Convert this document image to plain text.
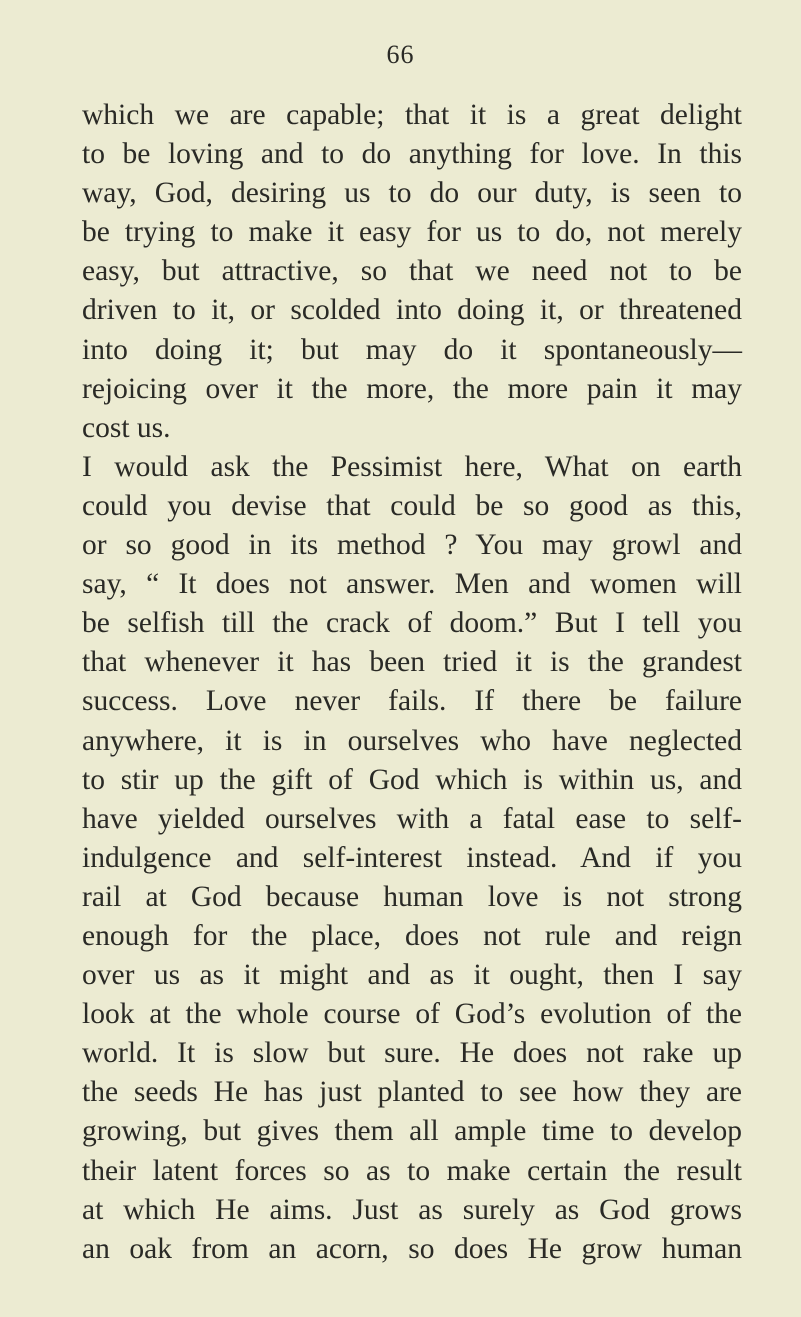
66
which we are capable; that it is a great delight
to be loving and to do anything for love. In this
way, God, desiring us to do our duty, is seen to
be trying to make it easy for us to do, not merely
easy, but attractive, so that we need not to be
driven to it, or scolded into doing it, or threatened
into doing it; but may do it spontaneously—
rejoicing over it the more, the more pain it may
cost us.
I would ask the Pessimist here, What on earth
could you devise that could be so good as this,
or so good in its method ? You may growl and
say, “ It does not answer. Men and women will
be selfish till the crack of doom.” But I tell you
that whenever it has been tried it is the grandest
success. Love never fails. If there be failure
anywhere, it is in ourselves who have neglected
to stir up the gift of God which is within us, and
have yielded ourselves with a fatal ease to self-
indulgence and self-interest instead. And if you
rail at God because human love is not strong
enough for the place, does not rule and reign
over us as it might and as it ought, then I say
look at the whole course of God’s evolution of the
world. It is slow but sure. He does not rake up
the seeds He has just planted to see how they are
growing, but gives them all ample time to develop
their latent forces so as to make certain the result
at which He aims. Just as surely as God grows
an oak from an acorn, so does He grow human
